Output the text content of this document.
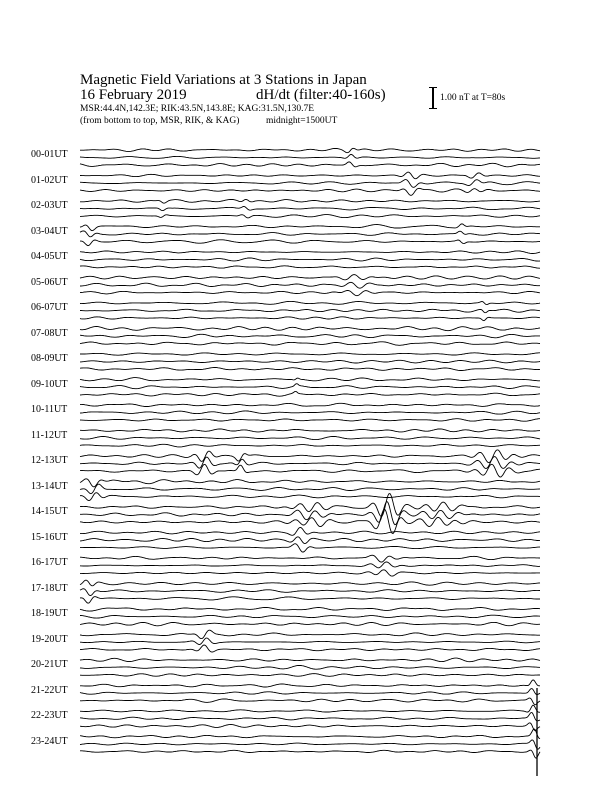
Magnetic Field Variations at 3 Stations in Japan
16 February 2019	dH/dt (filter:40-160s)
MSR:44.4N,142.3E; RIK:43.5N,143.8E; KAG:31.5N,130.7E
(from bottom to top, MSR, RIK, & KAG)	midnight=1500UT
1.00 nT at T=80s
00-01UT
01-02UT
02-03UT
03-04UT
04-05UT
05-06UT
06-07UT
07-08UT
08-09UT
09-10UT
10-11UT
11-12UT
12-13UT
13-14UT
14-15UT
15-16UT
16-17UT
17-18UT
18-19UT
19-20UT
20-21UT
21-22UT
22-23UT
23-24UT
